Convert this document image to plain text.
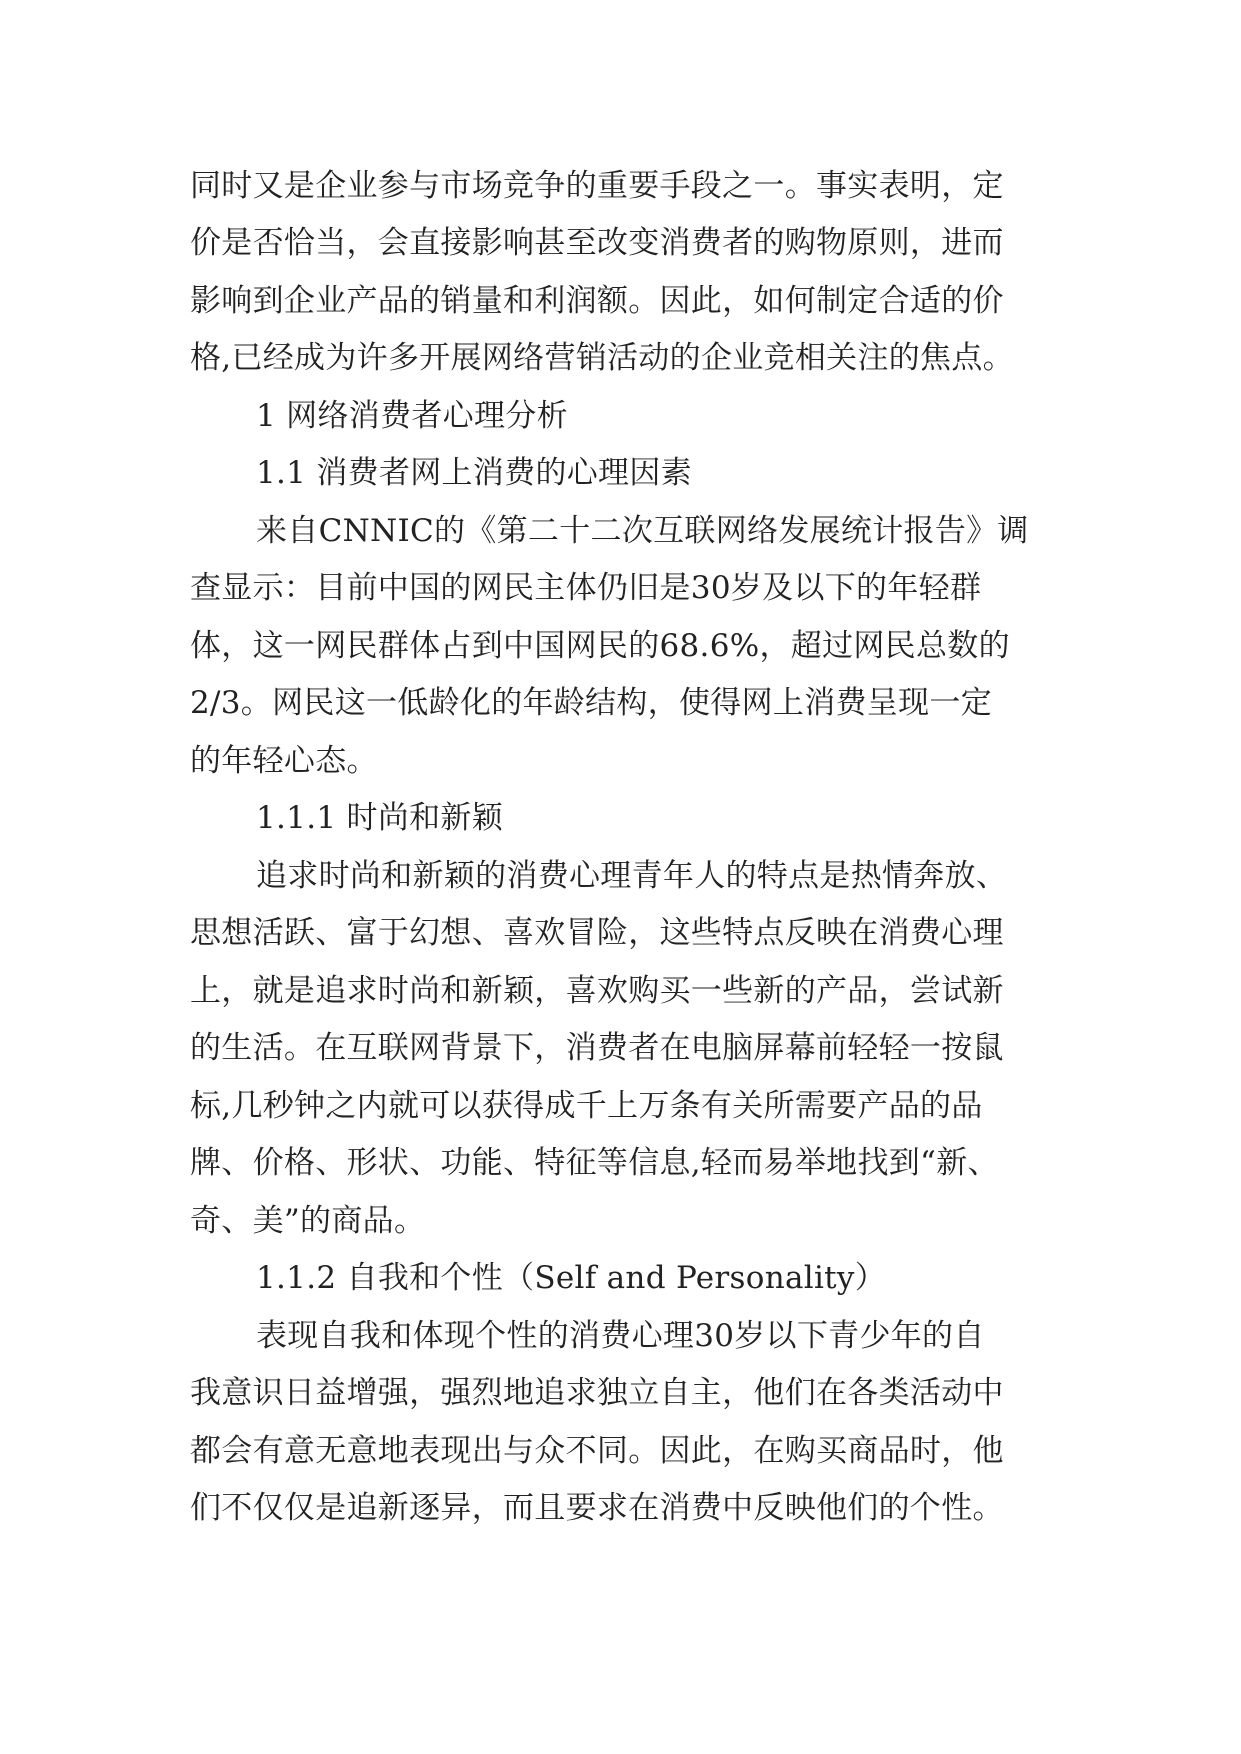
同时又是企业参与市场竞争的重要手段之一。事实表明，定
价是否恰当，会直接影响甚至改变消费者的购物原则，进而
影响到企业产品的销量和利润额。因此，如何制定合适的价
格,已经成为许多开展网络营销活动的企业竞相关注的焦点。
1 网络消费者心理分析
1.1 消费者网上消费的心理因素
来自CNNIC的《第二十二次互联网络发展统计报告》调
查显示：目前中国的网民主体仍旧是30岁及以下的年轻群
体，这一网民群体占到中国网民的68.6%，超过网民总数的
2/3。网民这一低龄化的年龄结构，使得网上消费呈现一定
的年轻心态。
1.1.1 时尚和新颖
追求时尚和新颖的消费心理青年人的特点是热情奔放、
思想活跃、富于幻想、喜欢冒险，这些特点反映在消费心理
上，就是追求时尚和新颖，喜欢购买一些新的产品，尝试新
的生活。在互联网背景下，消费者在电脑屏幕前轻轻一按鼠
标,几秒钟之内就可以获得成千上万条有关所需要产品的品
牌、价格、形状、功能、特征等信息,轻而易举地找到“新、
奇、美”的商品。
1.1.2 自我和个性（Self and Personality）
表现自我和体现个性的消费心理30岁以下青少年的自
我意识日益增强，强烈地追求独立自主，他们在各类活动中
都会有意无意地表现出与众不同。因此，在购买商品时，他
们不仅仅是追新逐异，而且要求在消费中反映他们的个性。
